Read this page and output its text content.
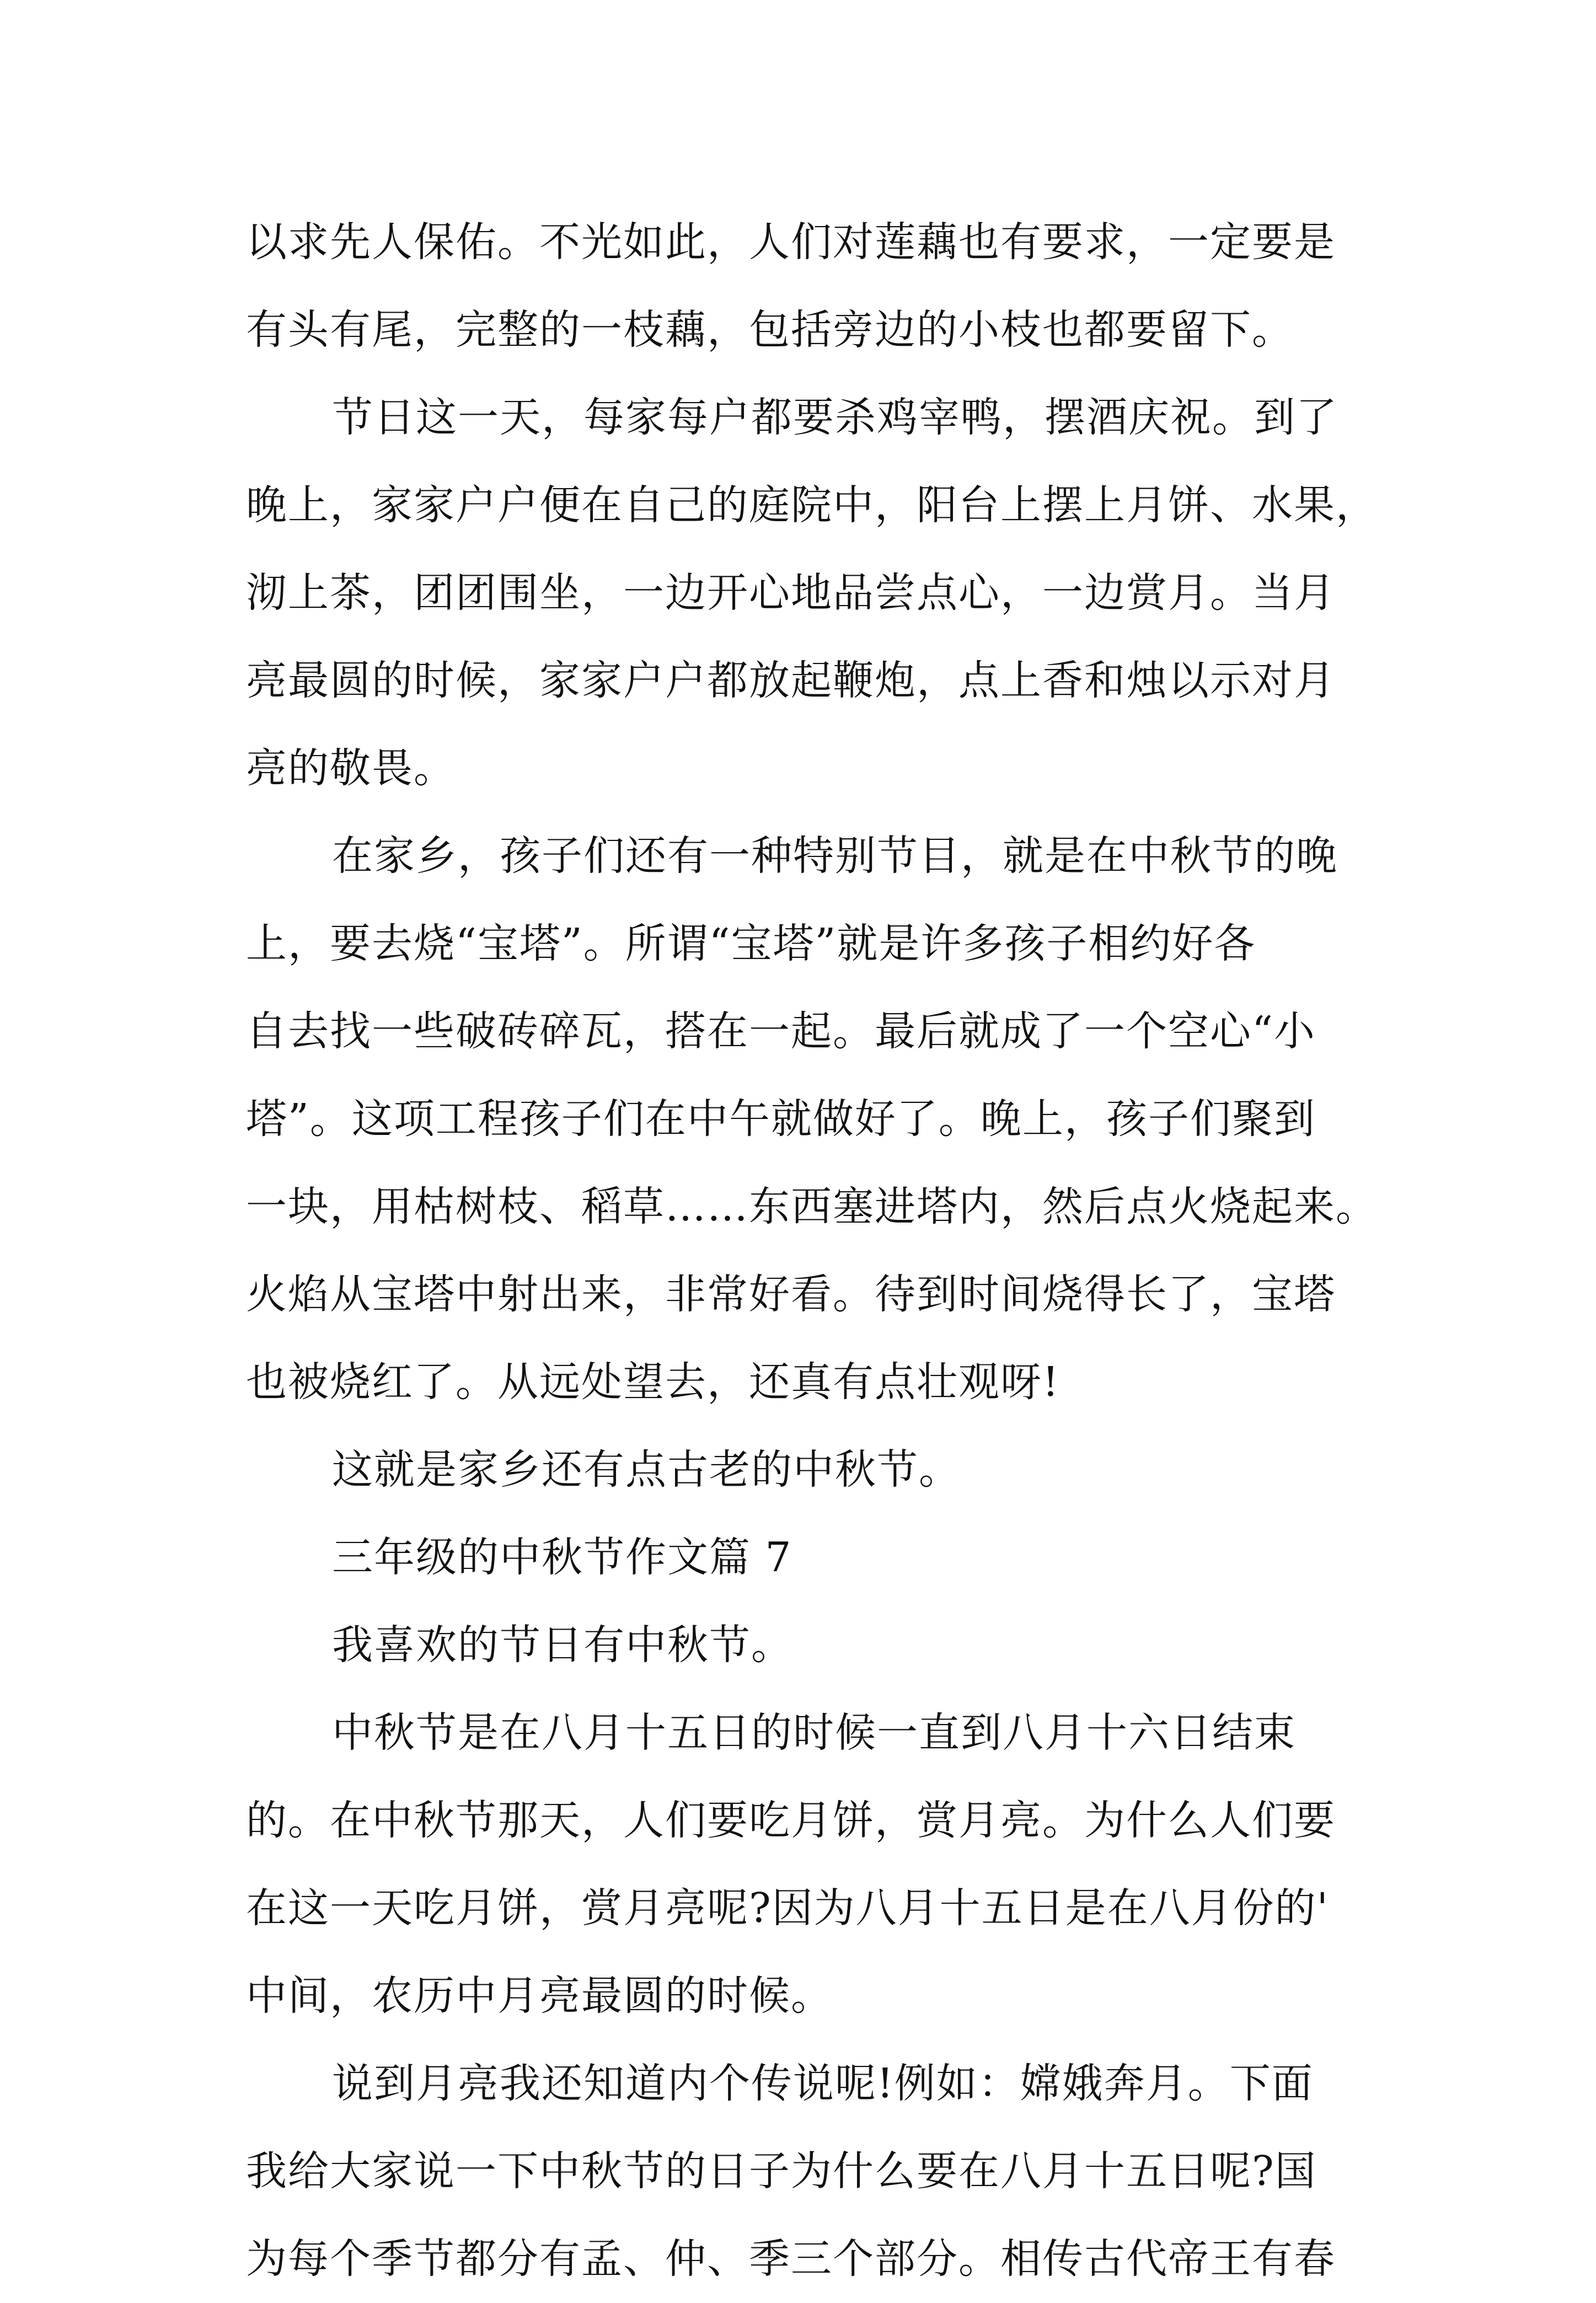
以求先人保佑。不光如此，人们对莲藕也有要求，一定要是
有头有尾，完整的一枝藕，包括旁边的小枝也都要留下。
节日这一天，每家每户都要杀鸡宰鸭，摆酒庆祝。到了
晚上，家家户户便在自己的庭院中，阳台上摆上月饼、水果，
沏上茶，团团围坐，一边开心地品尝点心，一边赏月。当月
亮最圆的时候，家家户户都放起鞭炮，点上香和烛以示对月
亮的敬畏。
在家乡，孩子们还有一种特别节目，就是在中秋节的晚
上，要去烧“宝塔”。所谓“宝塔”就是许多孩子相约好各
自去找一些破砖碎瓦，搭在一起。最后就成了一个空心“小
塔”。这项工程孩子们在中午就做好了。晚上，孩子们聚到
一块，用枯树枝、稻草……东西塞进塔内，然后点火烧起来。
火焰从宝塔中射出来，非常好看。待到时间烧得长了，宝塔
也被烧红了。从远处望去，还真有点壮观呀!
这就是家乡还有点古老的中秋节。
三年级的中秋节作文篇 7
我喜欢的节日有中秋节。
中秋节是在八月十五日的时候一直到八月十六日结束
的。在中秋节那天，人们要吃月饼，赏月亮。为什么人们要
在这一天吃月饼，赏月亮呢?因为八月十五日是在八月份的'
中间，农历中月亮最圆的时候。
说到月亮我还知道内个传说呢!例如：嫦娥奔月。下面
我给大家说一下中秋节的日子为什么要在八月十五日呢?国
为每个季节都分有孟、仲、季三个部分。相传古代帝王有春
